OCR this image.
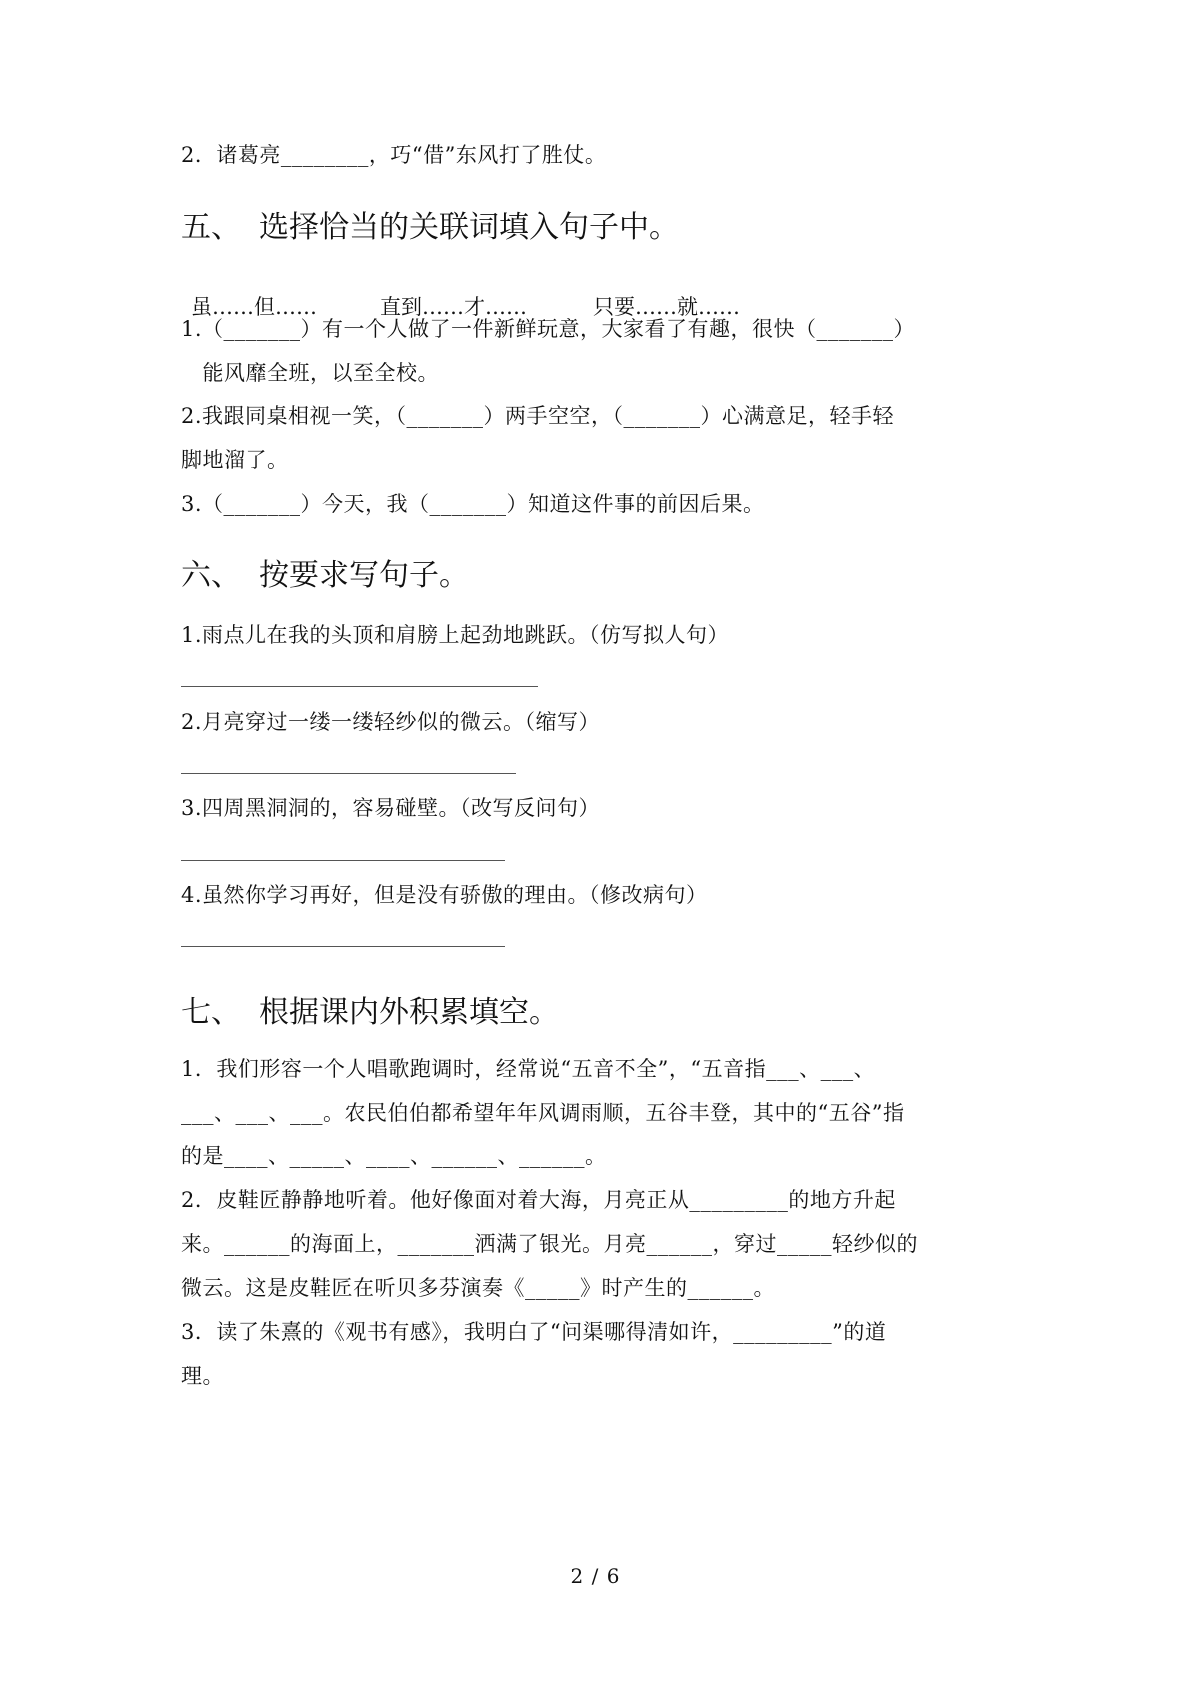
2．诸葛亮________，巧“借”东风打了胜仗。
五、 选择恰当的关联词填入句子中。
虽……但……	直到……才……	只要……就……
1.（_______）有一个人做了一件新鲜玩意，大家看了有趣，很快（_______）
能风靡全班，以至全校。
2.我跟同桌相视一笑，（_______）两手空空，（_______）心满意足，轻手轻
脚地溜了。
3.（_______）今天，我（_______）知道这件事的前因后果。
六、 按要求写句子。
1.雨点儿在我的头顶和肩膀上起劲地跳跃。（仿写拟人句）
2.月亮穿过一缕一缕轻纱似的微云。（缩写）
3.四周黑洞洞的，容易碰壁。（改写反问句）
4.虽然你学习再好，但是没有骄傲的理由。（修改病句）
七、 根据课内外积累填空。
1．我们形容一个人唱歌跑调时，经常说“五音不全”，“五音指___、___、
___、___、___。农民伯伯都希望年年风调雨顺，五谷丰登，其中的“五谷”指
的是____、_____、____、______、______。
2．皮鞋匠静静地听着。他好像面对着大海，月亮正从_________的地方升起
来。______的海面上，_______洒满了银光。月亮______，穿过_____轻纱似的
微云。这是皮鞋匠在听贝多芬演奏《_____》时产生的______。
3．读了朱熹的《观书有感》，我明白了“问渠哪得清如许，_________”的道
理。
2 / 6
